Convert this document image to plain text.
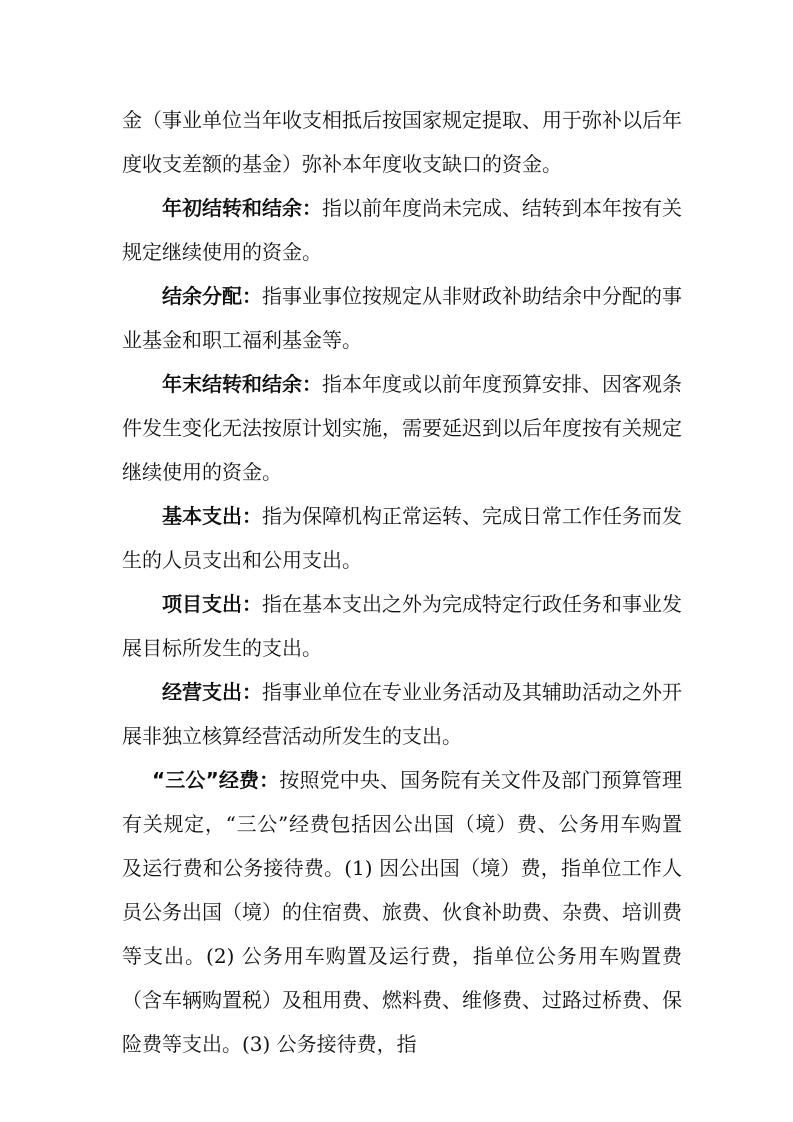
金（事业单位当年收支相抵后按国家规定提取、用于弥补以后年度收支差额的基金）弥补本年度收支缺口的资金。

年初结转和结余：指以前年度尚未完成、结转到本年按有关规定继续使用的资金。

结余分配：指事业事位按规定从非财政补助结余中分配的事业基金和职工福利基金等。

年末结转和结余：指本年度或以前年度预算安排、因客观条件发生变化无法按原计划实施，需要延迟到以后年度按有关规定继续使用的资金。

基本支出：指为保障机构正常运转、完成日常工作任务而发生的人员支出和公用支出。

项目支出：指在基本支出之外为完成特定行政任务和事业发展目标所发生的支出。

经营支出：指事业单位在专业业务活动及其辅助活动之外开展非独立核算经营活动所发生的支出。

“三公”经费：按照党中央、国务院有关文件及部门预算管理有关规定，“三公”经费包括因公出国（境）费、公务用车购置及运行费和公务接待费。(1) 因公出国（境）费，指单位工作人员公务出国（境）的住宿费、旅费、伙食补助费、杂费、培训费等支出。(2) 公务用车购置及运行费，指单位公务用车购置费（含车辆购置税）及租用费、燃料费、维修费、过路过桥费、保险费等支出。(3) 公务接待费，指
